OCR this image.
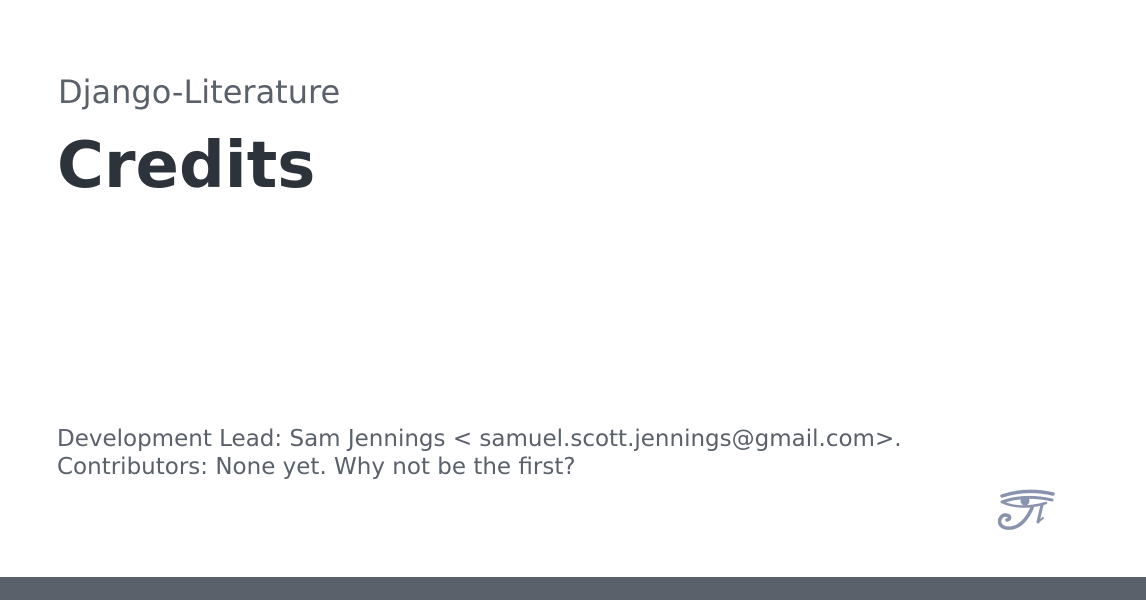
Django-Literature
Credits
Development Lead: Sam Jennings < samuel.scott.jennings@gmail.com>.
Contributors: None yet. Why not be the first?
